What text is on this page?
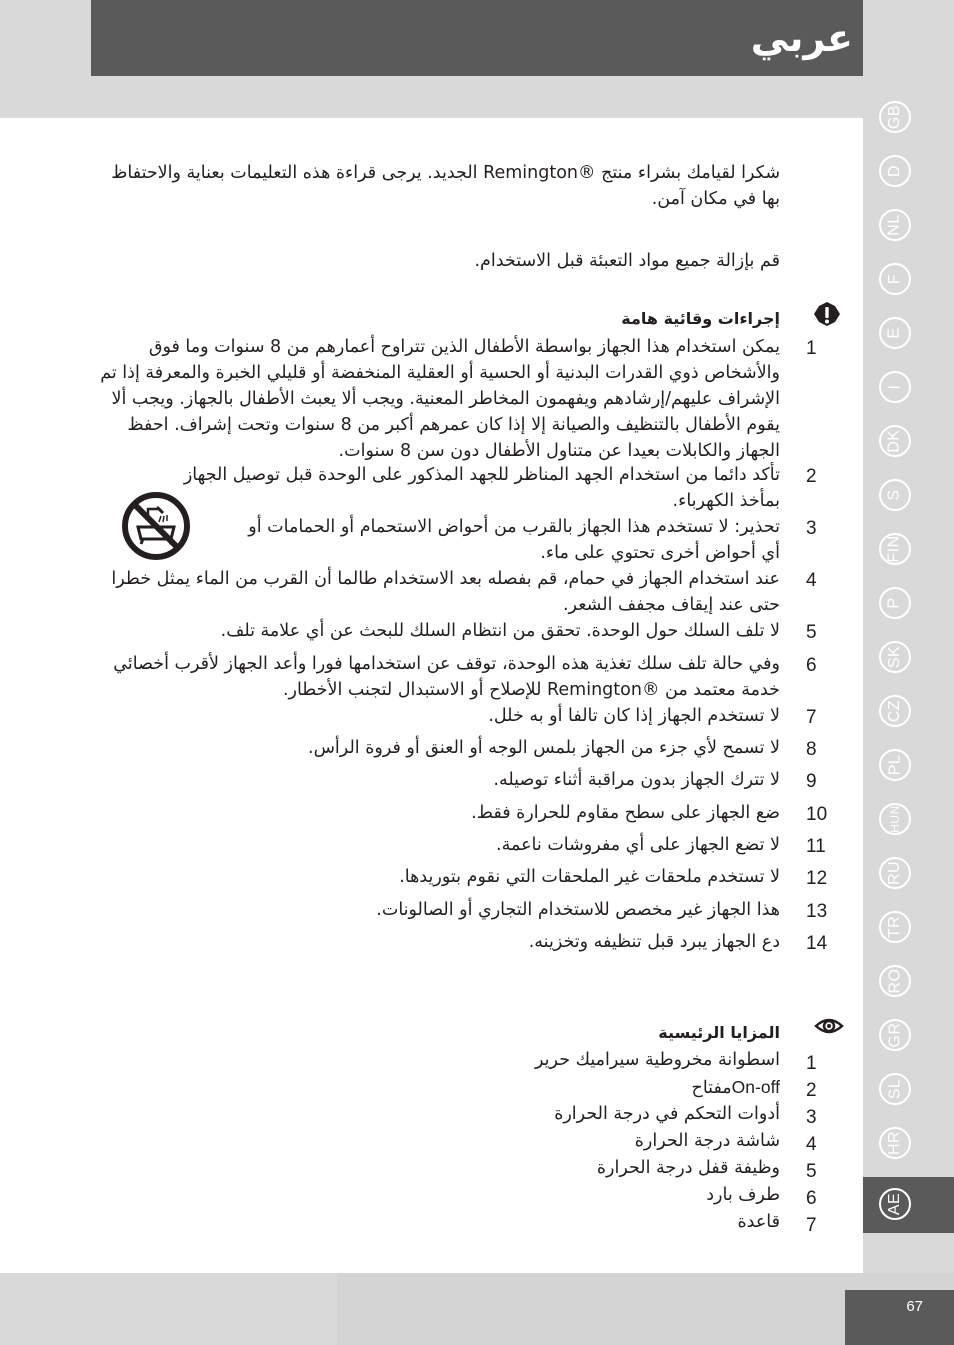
عربي
GB
D
NL
F
E
I
DK
S
FIN
P
SK
CZ
PL
HUN
RU
TR
RO
GR
SL
HR
AE

شكرا لقيامك بشراء منتج ®Remington الجديد. يرجى قراءة هذه التعليمات بعناية والاحتفاظ بها في مكان آمن.

قم بإزالة جميع مواد التعبئة قبل الاستخدام.

إجراءات وقائية هامة
1

يمكن استخدام هذا الجهاز بواسطة الأطفال الذين تتراوح أعمارهم من 8 سنوات وما فوق والأشخاص ذوي القدرات البدنية أو الحسية أو العقلية المنخفضة أو قليلي الخبرة والمعرفة إذا تم الإشراف عليهم/إرشادهم ويفهمون المخاطر المعنية. ويجب ألا يعبث الأطفال بالجهاز. ويجب ألا يقوم الأطفال بالتنظيف والصيانة إلا إذا كان عمرهم أكبر من 8 سنوات وتحت إشراف. احفظ الجهاز والكابلات بعيدا عن متناول الأطفال دون سن 8 سنوات.

2

تأكد دائما من استخدام الجهد المناظر للجهد المذكور على الوحدة قبل توصيل الجهاز بمأخذ الكهرباء.

3

تحذير: لا تستخدم هذا الجهاز بالقرب من أحواض الاستحمام أو الحمامات أو أي أحواض أخرى تحتوي على ماء.

4

عند استخدام الجهاز في حمام، قم بفصله بعد الاستخدام طالما أن القرب من الماء يمثل خطرا حتى عند إيقاف مجفف الشعر.

5

لا تلف السلك حول الوحدة. تحقق من انتظام السلك للبحث عن أي علامة تلف.

6

وفي حالة تلف سلك تغذية هذه الوحدة، توقف عن استخدامها فورا وأعد الجهاز لأقرب أخصائي خدمة معتمد من ®Remington للإصلاح أو الاستبدال لتجنب الأخطار.

7

لا تستخدم الجهاز إذا كان تالفا أو به خلل.

8

لا تسمح لأي جزء من الجهاز بلمس الوجه أو العنق أو فروة الرأس.

9

لا تترك الجهاز بدون مراقبة أثناء توصيله.

10

ضع الجهاز على سطح مقاوم للحرارة فقط.

11

لا تضع الجهاز على أي مفروشات ناعمة.

12

لا تستخدم ملحقات غير الملحقات التي نقوم بتوريدها.

13

هذا الجهاز غير مخصص للاستخدام التجاري أو الصالونات.

14

دع الجهاز يبرد قبل تنظيفه وتخزينه.

المزايا الرئيسية
1

اسطوانة مخروطية سيراميك حرير

2

On-offمفتاح

3

أدوات التحكم في درجة الحرارة

4

شاشة درجة الحرارة

5

وظيفة قفل درجة الحرارة

6

طرف بارد

7

قاعدة

67
